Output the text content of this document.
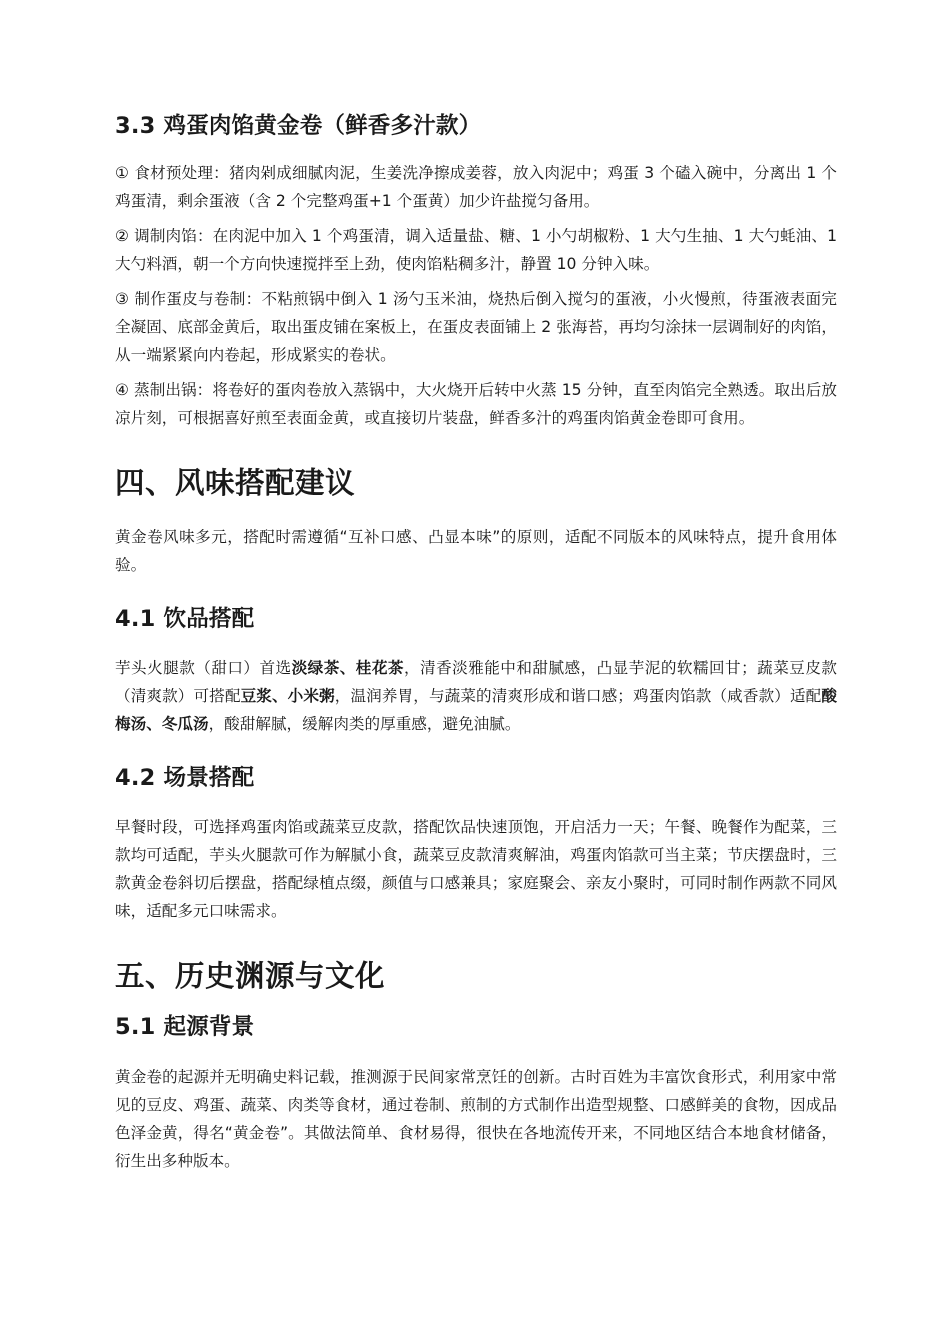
3.3 鸡蛋肉馅黄金卷（鲜香多汁款）

① 食材预处理：猪肉剁成细腻肉泥，生姜洗净擦成姜蓉，放入肉泥中；鸡蛋 3 个磕入碗中，分离出 1 个鸡蛋清，剩余蛋液（含 2 个完整鸡蛋+1 个蛋黄）加少许盐搅匀备用。

② 调制肉馅：在肉泥中加入 1 个鸡蛋清，调入适量盐、糖、1 小勺胡椒粉、1 大勺生抽、1 大勺蚝油、1 大勺料酒，朝一个方向快速搅拌至上劲，使肉馅粘稠多汁，静置 10 分钟入味。

③ 制作蛋皮与卷制：不粘煎锅中倒入 1 汤勺玉米油，烧热后倒入搅匀的蛋液，小火慢煎，待蛋液表面完全凝固、底部金黄后，取出蛋皮铺在案板上，在蛋皮表面铺上 2 张海苔，再均匀涂抹一层调制好的肉馅，从一端紧紧向内卷起，形成紧实的卷状。

④ 蒸制出锅：将卷好的蛋肉卷放入蒸锅中，大火烧开后转中火蒸 15 分钟，直至肉馅完全熟透。取出后放凉片刻，可根据喜好煎至表面金黄，或直接切片装盘，鲜香多汁的鸡蛋肉馅黄金卷即可食用。

四、风味搭配建议

黄金卷风味多元，搭配时需遵循“互补口感、凸显本味”的原则，适配不同版本的风味特点，提升食用体验。

4.1 饮品搭配

芋头火腿款（甜口）首选淡绿茶、桂花茶，清香淡雅能中和甜腻感，凸显芋泥的软糯回甘；蔬菜豆皮款（清爽款）可搭配豆浆、小米粥，温润养胃，与蔬菜的清爽形成和谐口感；鸡蛋肉馅款（咸香款）适配酸梅汤、冬瓜汤，酸甜解腻，缓解肉类的厚重感，避免油腻。

4.2 场景搭配

早餐时段，可选择鸡蛋肉馅或蔬菜豆皮款，搭配饮品快速顶饱，开启活力一天；午餐、晚餐作为配菜，三款均可适配，芋头火腿款可作为解腻小食，蔬菜豆皮款清爽解油，鸡蛋肉馅款可当主菜；节庆摆盘时，三款黄金卷斜切后摆盘，搭配绿植点缀，颜值与口感兼具；家庭聚会、亲友小聚时，可同时制作两款不同风味，适配多元口味需求。

五、历史渊源与文化
5.1 起源背景

黄金卷的起源并无明确史料记载，推测源于民间家常烹饪的创新。古时百姓为丰富饮食形式，利用家中常见的豆皮、鸡蛋、蔬菜、肉类等食材，通过卷制、煎制的方式制作出造型规整、口感鲜美的食物，因成品色泽金黄，得名“黄金卷”。其做法简单、食材易得，很快在各地流传开来，不同地区结合本地食材储备，衍生出多种版本。
